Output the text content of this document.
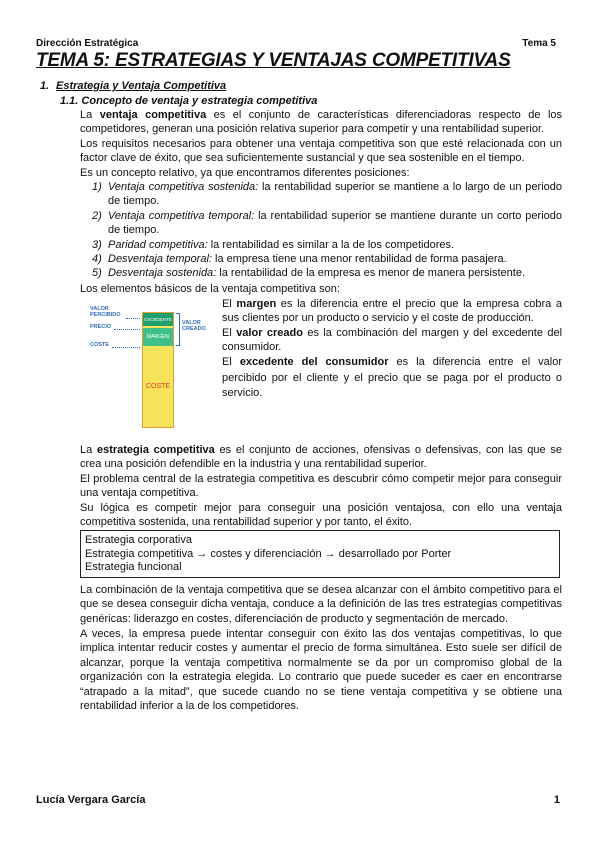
Dirección Estratégica	Tema 5
TEMA 5: ESTRATEGIAS Y VENTAJAS COMPETITIVAS
1. Estrategia y Ventaja Competitiva
1.1. Concepto de ventaja y estrategia competitiva
La ventaja competitiva es el conjunto de características diferenciadoras respecto de los competidores, generan una posición relativa superior para competir y una rentabilidad superior.
Los requisitos necesarios para obtener una ventaja competitiva son que esté relacionada con un factor clave de éxito, que sea suficientemente sustancial y que sea sostenible en el tiempo.
Es un concepto relativo, ya que encontramos diferentes posiciones:
1) Ventaja competitiva sostenida: la rentabilidad superior se mantiene a lo largo de un periodo de tiempo.
2) Ventaja competitiva temporal: la rentabilidad superior se mantiene durante un corto periodo de tiempo.
3) Paridad competitiva: la rentabilidad es similar a la de los competidores.
4) Desventaja temporal: la empresa tiene una menor rentabilidad de forma pasajera.
5) Desventaja sostenida: la rentabilidad de la empresa es menor de manera persistente.
Los elementos básicos de la ventaja competitiva son:
VALOR PERCIBIDO
PRECIO
COSTE
EXCEDENTE
MARGEN
COSTE
VALOR CREADO
El margen es la diferencia entre el precio que la empresa cobra a sus clientes por un producto o servicio y el coste de producción.
El valor creado es la combinación del margen y del excedente del consumidor.
El excedente del consumidor es la diferencia entre el valor percibido por el cliente y el precio que se paga por el producto o servicio.
La estrategia competitiva es el conjunto de acciones, ofensivas o defensivas, con las que se crea una posición defendible en la industria y una rentabilidad superior.
El problema central de la estrategia competitiva es descubrir cómo competir mejor para conseguir una ventaja competitiva.
Su lógica es competir mejor para conseguir una posición ventajosa, con ello una ventaja competitiva sostenida, una rentabilidad superior y por tanto, el éxito.
Estrategia corporativa
Estrategia competitiva → costes y diferenciación → desarrollado por Porter
Estrategia funcional
La combinación de la ventaja competitiva que se desea alcanzar con el ámbito competitivo para el que se desea conseguir dicha ventaja, conduce a la definición de las tres estrategias competitivas genéricas: liderazgo en costes, diferenciación de producto y segmentación de mercado.
A veces, la empresa puede intentar conseguir con éxito las dos ventajas competitivas, lo que implica intentar reducir costes y aumentar el precio de forma simultánea. Esto suele ser difícil de alcanzar, porque la ventaja competitiva normalmente se da por un compromiso global de la organización con la estrategia elegida. Lo contrario que puede suceder es caer en encontrarse “atrapado a la mitad”, que sucede cuando no se tiene ventaja competitiva y se obtiene una rentabilidad inferior a la de los competidores.
Lucía Vergara García	1
